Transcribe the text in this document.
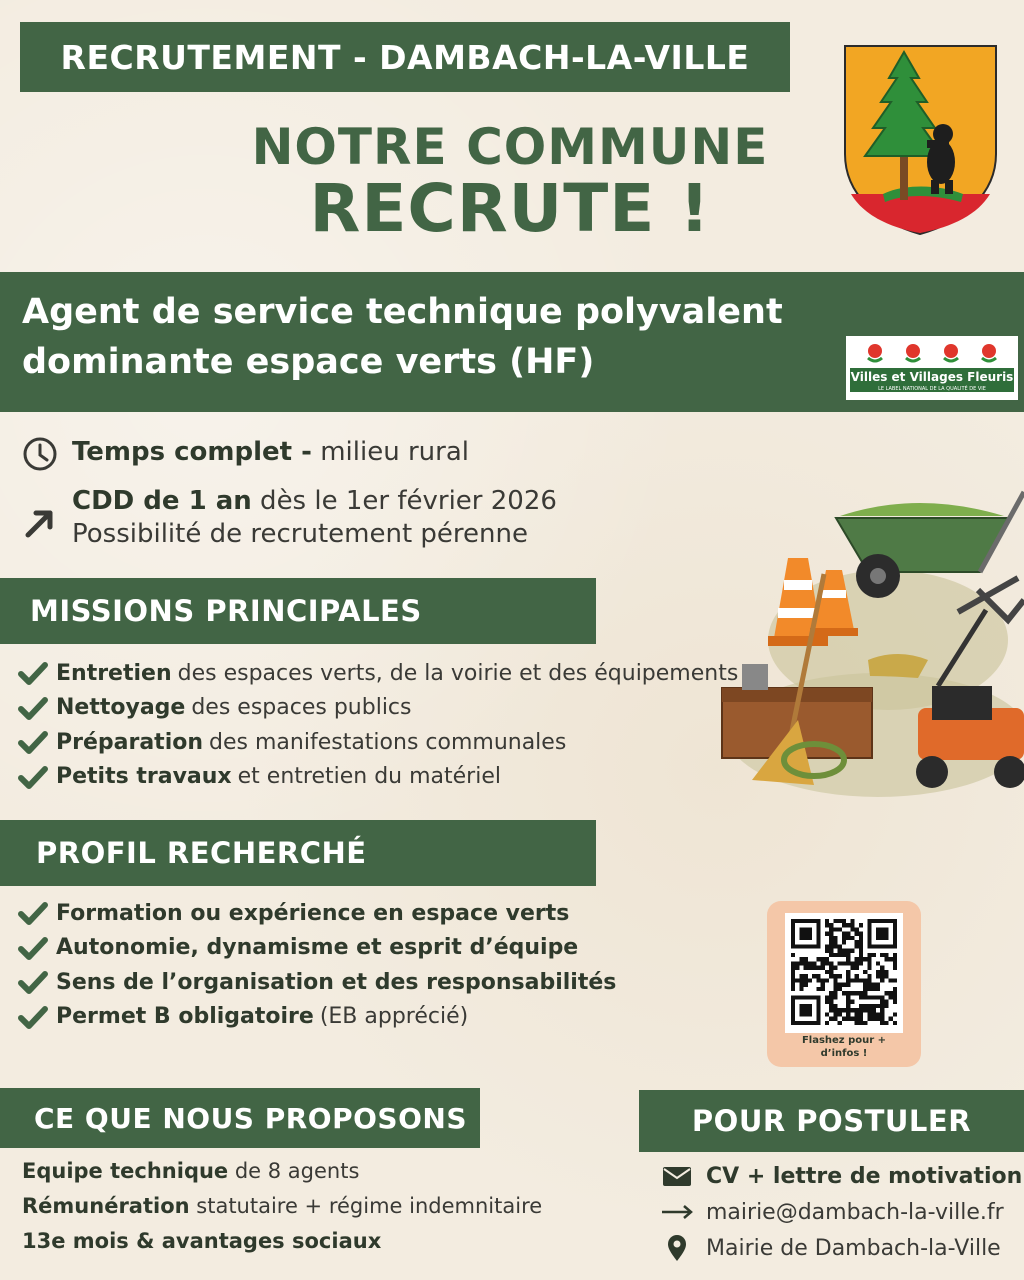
RECRUTEMENT - DAMBACH-LA-VILLE
NOTRE COMMUNE
RECRUTE !
Agent de service technique polyvalent
dominante espace verts (HF)	Villes et Villages Fleuris
LE LABEL NATIONAL DE LA QUALITÉ DE VIE
Temps complet - milieu rural
CDD de 1 an dès le 1er février 2026
Possibilité de recrutement pérenne
MISSIONS PRINCIPALES
Entretien des espaces verts, de la voirie et des équipements
Nettoyage des espaces publics
Préparation des manifestations communales
Petits travaux et entretien du matériel
PROFIL RECHERCHÉ
Formation ou expérience en espace verts
Autonomie, dynamisme et esprit d’équipe
Sens de l’organisation et des responsabilités
Permet B obligatoire (EB apprécié)
Flashez pour +
d’infos !
CE QUE NOUS PROPOSONS
Equipe technique de 8 agents
Rémunération statutaire + régime indemnitaire
13e mois & avantages sociaux
POUR POSTULER
CV + lettre de motivation
mairie@dambach-la-ville.fr
Mairie de Dambach-la-Ville
